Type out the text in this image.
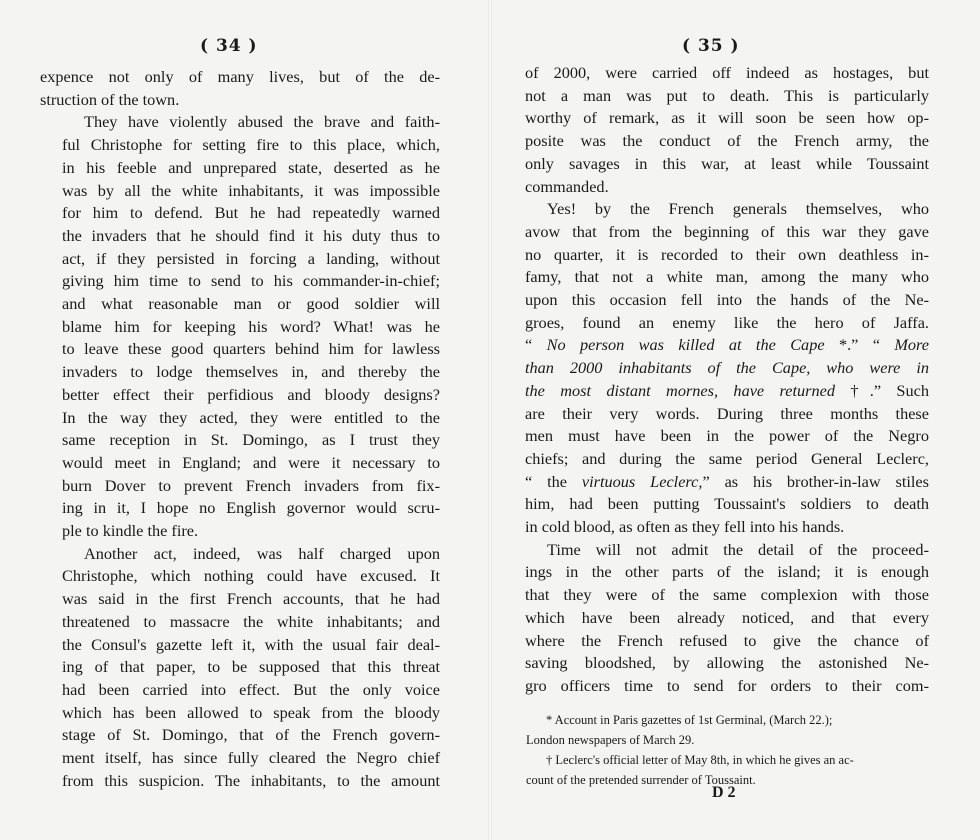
( 34 )

expence not only of many lives, but of the de-
struction of the town.

They have violently abused the brave and faith-
ful Christophe for setting fire to this place, which,
in his feeble and unprepared state, deserted as he
was by all the white inhabitants, it was impossible
for him to defend. But he had repeatedly warned
the invaders that he should find it his duty thus to
act, if they persisted in forcing a landing, without
giving him time to send to his commander-in-chief;
and what reasonable man or good soldier will
blame him for keeping his word? What! was he
to leave these good quarters behind him for lawless
invaders to lodge themselves in, and thereby the
better effect their perfidious and bloody designs?
In the way they acted, they were entitled to the
same reception in St. Domingo, as I trust they
would meet in England; and were it necessary to
burn Dover to prevent French invaders from fix-
ing in it, I hope no English governor would scru-
ple to kindle the fire.

Another act, indeed, was half charged upon
Christophe, which nothing could have excused. It
was said in the first French accounts, that he had
threatened to massacre the white inhabitants; and
the Consul's gazette left it, with the usual fair deal-
ing of that paper, to be supposed that this threat
had been carried into effect. But the only voice
which has been allowed to speak from the bloody
stage of St. Domingo, that of the French govern-
ment itself, has since fully cleared the Negro chief
from this suspicion. The inhabitants, to the amount

( 35 )

of 2000, were carried off indeed as hostages, but
not a man was put to death. This is particularly
worthy of remark, as it will soon be seen how op-
posite was the conduct of the French army, the
only savages in this war, at least while Toussaint
commanded.

Yes! by the French generals themselves, who
avow that from the beginning of this war they gave
no quarter, it is recorded to their own deathless in-
famy, that not a white man, among the many who
upon this occasion fell into the hands of the Ne-
groes, found an enemy like the hero of Jaffa.
“ No person was killed at the Cape *.” “ More
than 2000 inhabitants of the Cape, who were in
the most distant mornes, have returned †.” Such
are their very words. During three months these
men must have been in the power of the Negro
chiefs; and during the same period General Leclerc,
“ the virtuous Leclerc,” as his brother-in-law stiles
him, had been putting Toussaint's soldiers to death
in cold blood, as often as they fell into his hands.

Time will not admit the detail of the proceed-
ings in the other parts of the island; it is enough
that they were of the same complexion with those
which have been already noticed, and that every
where the French refused to give the chance of
saving bloodshed, by allowing the astonished Ne-
gro officers time to send for orders to their com-

* Account in Paris gazettes of 1st Germinal, (March 22.);
London newspapers of March 29.
† Leclerc's official letter of May 8th, in which he gives an ac-
count of the pretended surrender of Toussaint.
D 2
